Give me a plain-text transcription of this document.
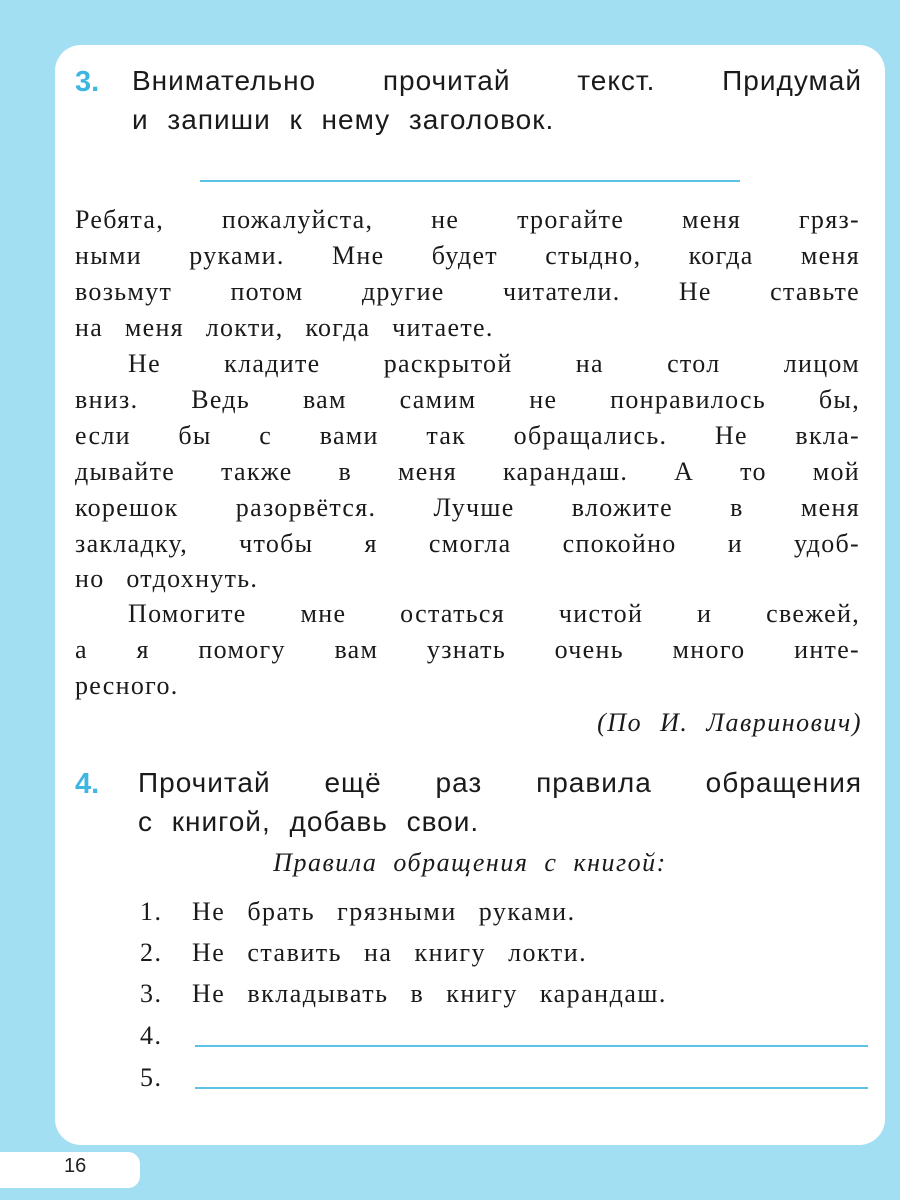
3. Внимательно прочитай текст. Придумай
и запиши к нему заголовок.
Ребята, пожалуйста, не трогайте меня гряз-
ными руками. Мне будет стыдно, когда меня
возьмут потом другие читатели. Не ставьте
на меня локти, когда читаете.
Не кладите раскрытой на стол лицом
вниз. Ведь вам самим не понравилось бы,
если бы с вами так обращались. Не вкла-
дывайте также в меня карандаш. А то мой
корешок разорвётся. Лучше вложите в меня
закладку, чтобы я смогла спокойно и удоб-
но отдохнуть.
Помогите мне остаться чистой и свежей,
а я помогу вам узнать очень много инте-
ресного.
(По И. Лавринович)
4. Прочитай ещё раз правила обращения
с книгой, добавь свои.
Правила обращения с книгой:
1. Не брать грязными руками.
2. Не ставить на книгу локти.
3. Не вкладывать в книгу карандаш.
4.
5.
16
